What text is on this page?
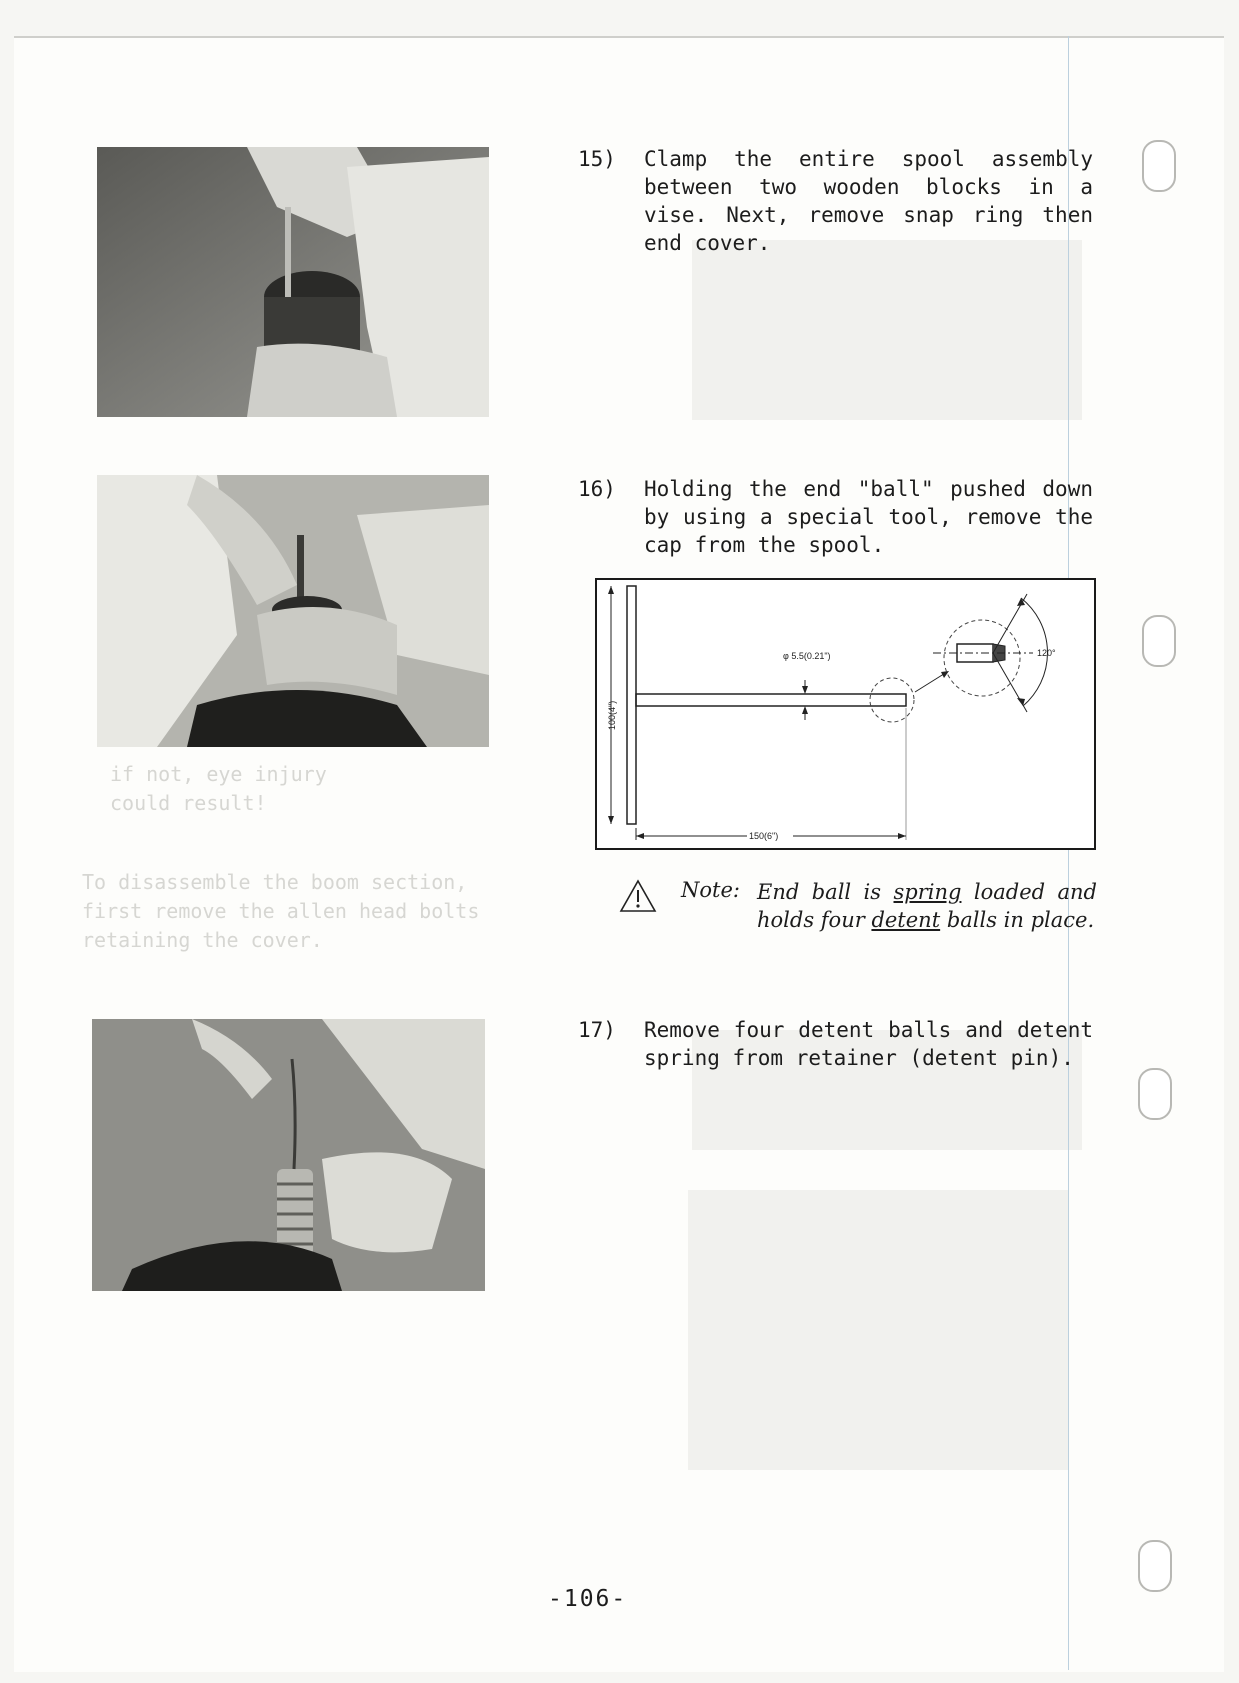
To disassemble the boom section,
first remove the allen head bolts
retaining the cover.
if not, eye injury
could result!
15) Clamp the entire spool assembly between two wooden blocks in a vise. Next, remove snap ring then end cover.
16) Holding the end "ball" pushed down by using a special tool, remove the cap from the spool.
17) Remove four detent balls and detent spring from retainer (detent pin).
100(4")
150(6")
φ 5.5(0.21")	120°
Note: End ball is spring loaded and holds four detent balls in place.
-106-
